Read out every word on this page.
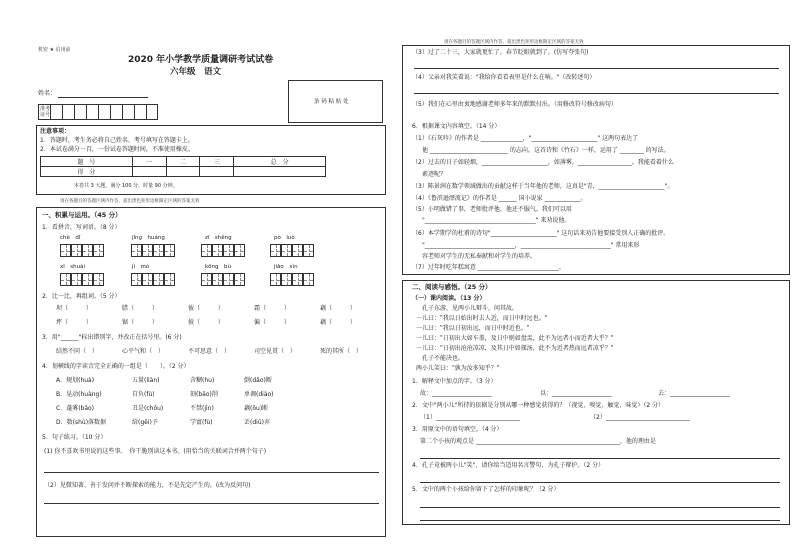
机密 ★ 启用前
2020 年小学教学质量调研考试试卷
六年级　语文
姓名：
准考证号
条 码 粘 贴 处
注意事项：
1．答题时，考生务必将自己姓名、考号填写在答题卡上。
2．本试卷满分一百，一份试卷答题时间，不准使用橡皮。
题　号	一	二	三	总　分
得　分				
本卷共 3 大题，满分 100 分，时量 90 分钟。
请在各题目的答题区域内作答，超出黑色矩形边框限定区域的答案无效
一、积累与运用。（45 分）
1．看拼音，写词语。（8 分）
chè　dǐ	jǐng　huáng	zī　shěng	pò　luò
xī　shuài	jì　mò	kōng　bù	jiāo　xìn
2．比一比，再组词。（5 分）
坝（　　　）	腊（　　　）	彼（　　　）	霜（　　　）	藕（　　　）
坪（　　　）	锯（　　　）	披（　　　）	偏（　　　）	藕（　　　）
3．用"______"标出错别字，并改正在括号里。(6 分)
结然不同（　）	心平气和（　）	不可思意（　）	司空见贯（　）	死的其所（　）
4．划横线的字读音完全正确的一组是（　　）。（2 分）
A．规划(huà)	五量(liàn)	含糊(hu)	倒(dǎo)断
B．晃动(huàng)	自负(fù)	刻(bāo)削	单调(diào)
C．蓬雾(bāo)	丑是(chǒu)	不禁(jìn)	藕(ǒu)断
D．数(shù)落数据	给(gěi)予	学富(fù)	丢(diū)弃
5．句子练习。（10 分）
(1) 你不喜欢书里说的这些事。　你干脆别读这本书。(用恰当的关联词合并两个句子)
（2）见微知著、善于发问并不断探索的能力，不是先定产生的。(改为反问句)
请在各题目的答题区域内作答，超出黑色矩形边框限定区域的答案无效
（3）过了二十三，大家就更忙了。春节眨眼就到了。(仿写夸张句)
（4）父亲对我笑着说："我给你看看表里是什么在响。"（改转述句）
（5）我们在心里由衷地感谢老师多年来的默默付出。（用修改符号修改病句）
6．根据课文内容填空。（14 分）
（1）《石灰吟》的作者是 ______________，"______________________" 这两句表达了
他 __________________________ 的志向。这首诗和《竹石》一样，运用了 ________ 的写法。
（2）过去的日子如轻烟，______________________，如薄雾，__________________。我能看着什么
素迹呢？
（3）陈景润在数学领域做出的贡献这样于当年他的老师，这真是"青，______________________"。
（4）《鲁滨逊漂流记》的作者是 ______ 国小说家 ____________。
（5）小明做错了事，老师批评他，他还不服气。我们可以用
"_____________________________________" 来劝说他。
（6）本学期学的杜甫的诗句"______________________" 这句话来劝告他要接受别人正确的批评。
"______________________________，______________________________" 常用来形
容老师对学生的无私奉献和对学生的培养。
（7）过年时吃年糕寓意 ___________________________。
二、阅读与感悟。（25 分）
（一）课内阅读。（13 分）
孔子东游，见两小儿辩斗，问其故。
一儿曰："我以日始出时去人近，而日中时远也。"
一儿曰："我以日初出远，而日中时近也。"
一儿曰："日初出大如车盖，及日中则如盘盂，此不为远者小而近者大乎？"
一儿曰："日初出沧沧凉凉，及其日中如探汤，此不为近者热而远者凉乎？"
孔子不能决也。
两小儿笑曰："孰为汝多知乎？"
1．解释文中加点的字。（3 分）
故：____________________	以：____________________	去：____________________
2．文中"两小儿"所持的依据是分别从哪一种感觉获得的？（视觉、嗅觉、触觉、味觉）（2 分）
（1）____________________________	（2）____________________________
3．用原文中的语句填空。（4 分）
第二个小孩的观点是 ________________________________________________，他的理由是
4．孔子竟被两小儿"笑"，请你给当适用名言警句，为孔子辩护。（2 分）
5．文中的两个小孩给你留下了怎样的印象呢？（2 分）
